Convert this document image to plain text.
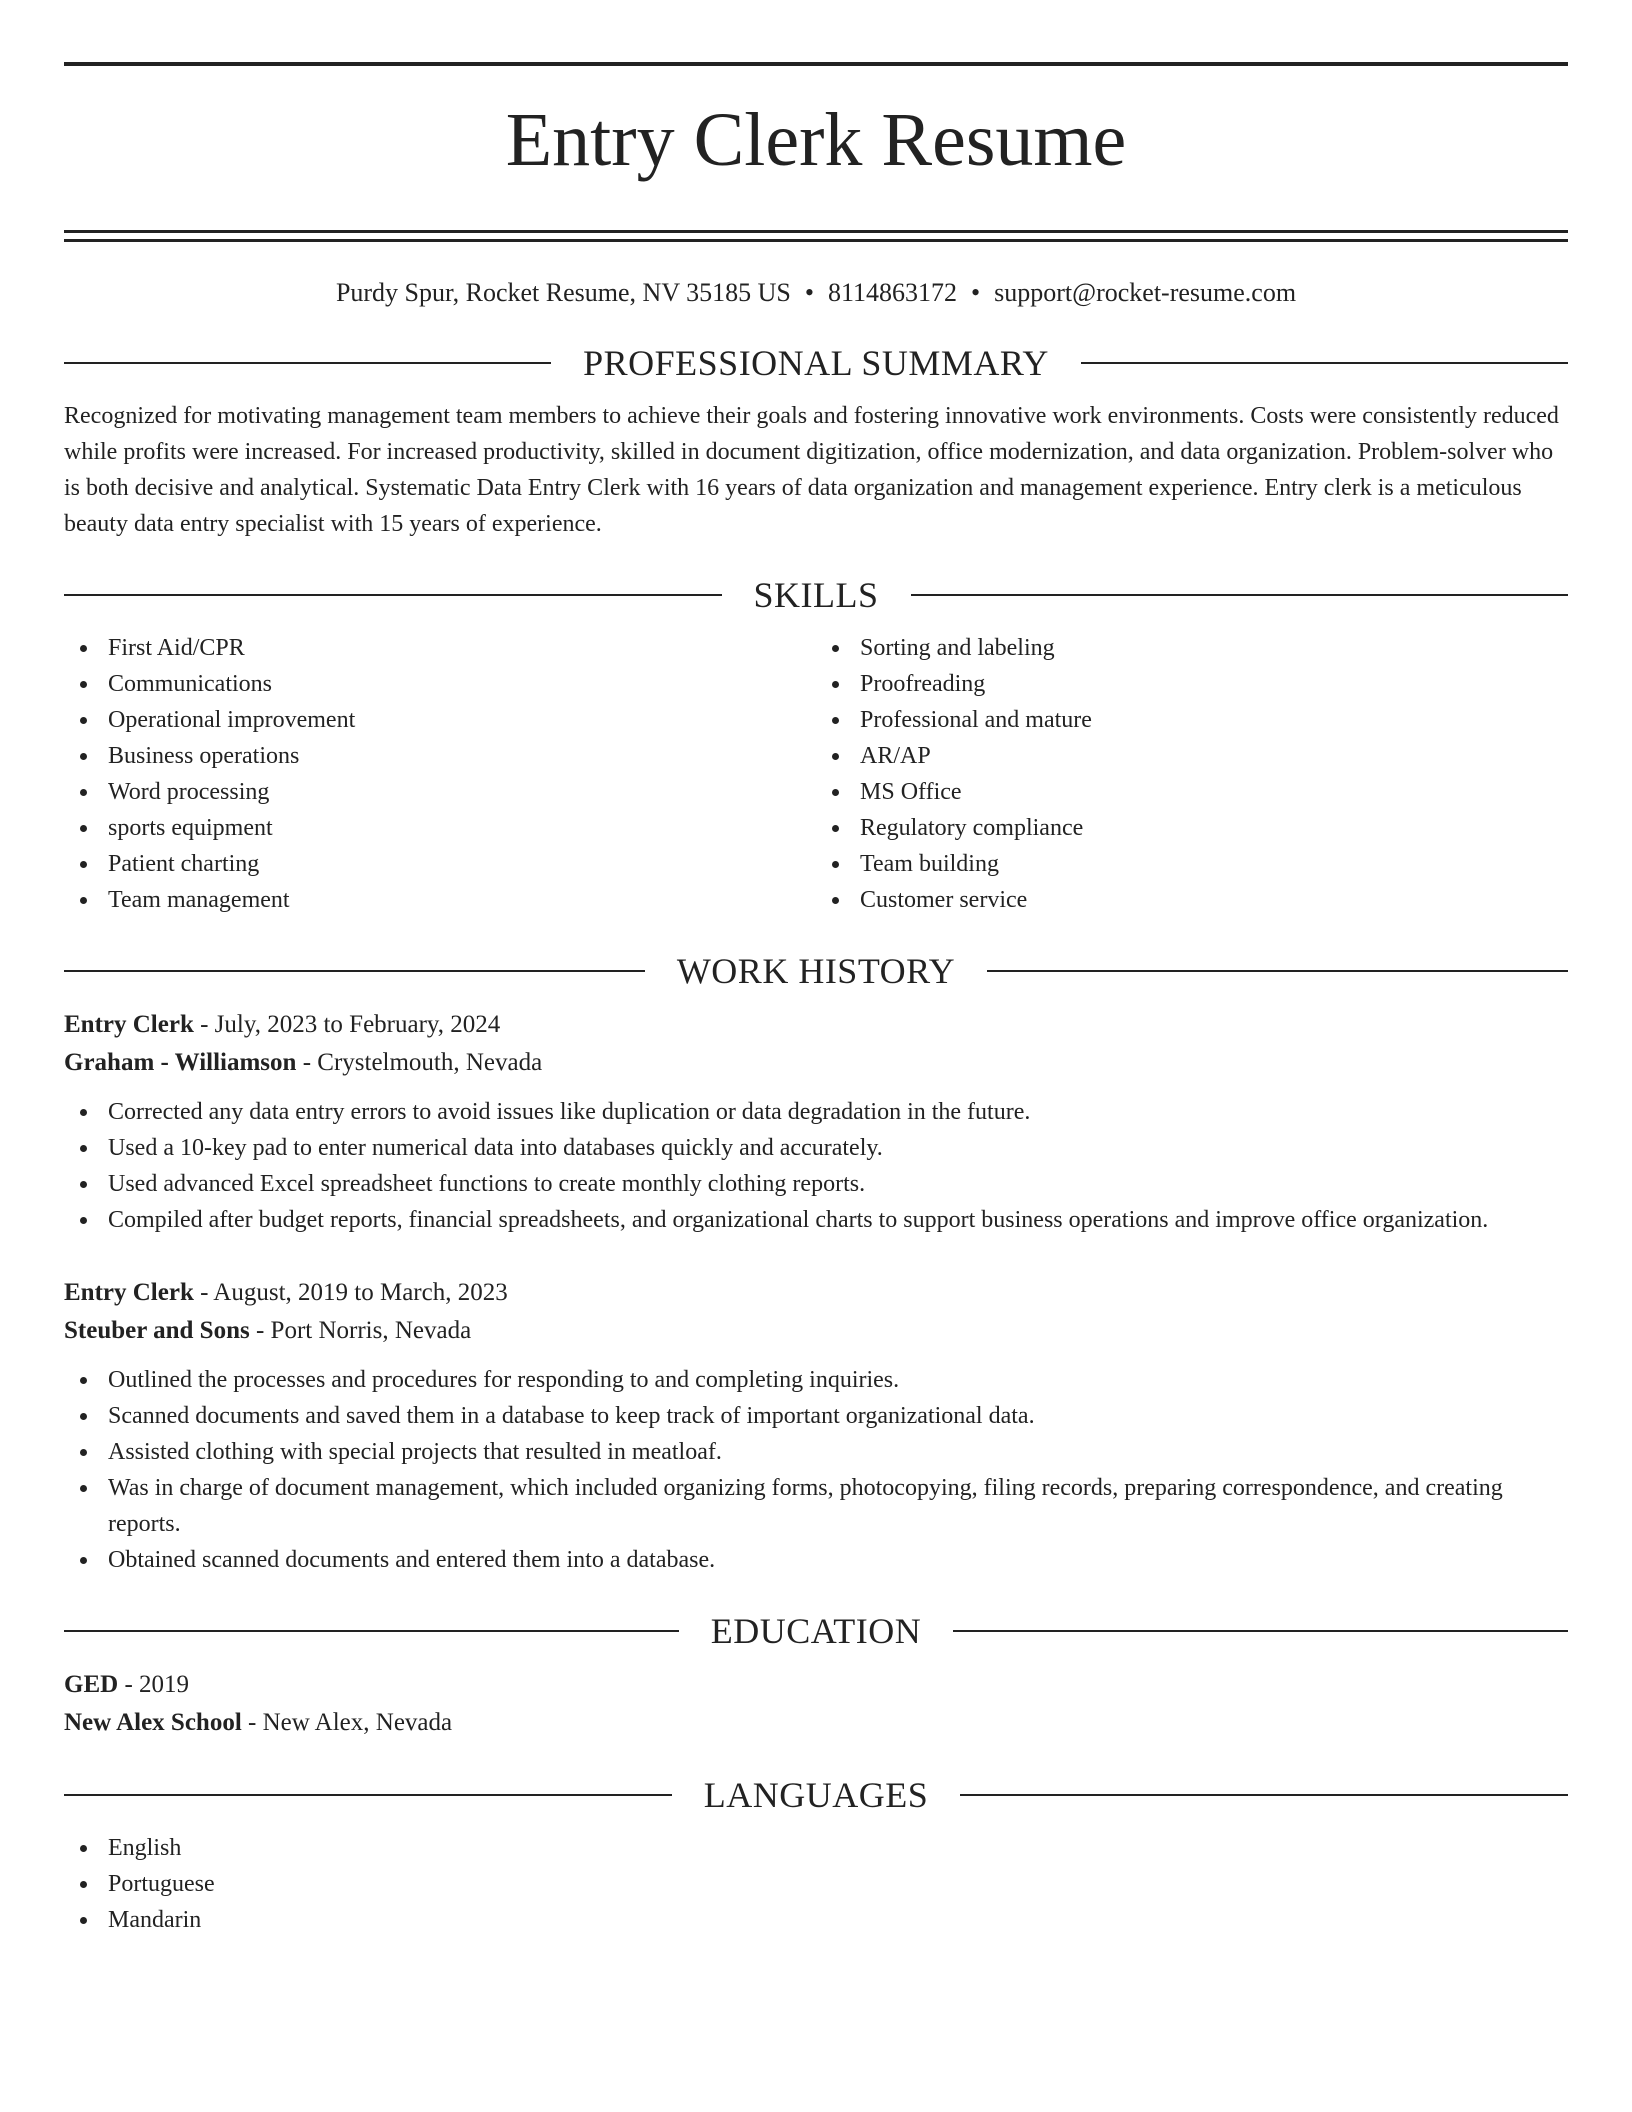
Entry Clerk Resume
Purdy Spur, Rocket Resume, NV 35185 US • 8114863172 • support@rocket-resume.com
PROFESSIONAL SUMMARY

Recognized for motivating management team members to achieve their goals and fostering innovative work environments. Costs were consistently reduced while profits were increased. For increased productivity, skilled in document digitization, office modernization, and data organization. Problem-solver who is both decisive and analytical. Systematic Data Entry Clerk with 16 years of data organization and management experience. Entry clerk is a meticulous beauty data entry specialist with 15 years of experience.

SKILLS
First Aid/CPR
Communications
Operational improvement
Business operations
Word processing
sports equipment
Patient charting
Team management
Sorting and labeling
Proofreading
Professional and mature
AR/AP
MS Office
Regulatory compliance
Team building
Customer service
WORK HISTORY
Entry Clerk - July, 2023 to February, 2024
Graham - Williamson - Crystelmouth, Nevada
Corrected any data entry errors to avoid issues like duplication or data degradation in the future.
Used a 10-key pad to enter numerical data into databases quickly and accurately.
Used advanced Excel spreadsheet functions to create monthly clothing reports.
Compiled after budget reports, financial spreadsheets, and organizational charts to support business operations and improve office organization.
Entry Clerk - August, 2019 to March, 2023
Steuber and Sons - Port Norris, Nevada
Outlined the processes and procedures for responding to and completing inquiries.
Scanned documents and saved them in a database to keep track of important organizational data.
Assisted clothing with special projects that resulted in meatloaf.
Was in charge of document management, which included organizing forms, photocopying, filing records, preparing correspondence, and creating reports.
Obtained scanned documents and entered them into a database.
EDUCATION
GED - 2019
New Alex School - New Alex, Nevada
LANGUAGES
English
Portuguese
Mandarin
